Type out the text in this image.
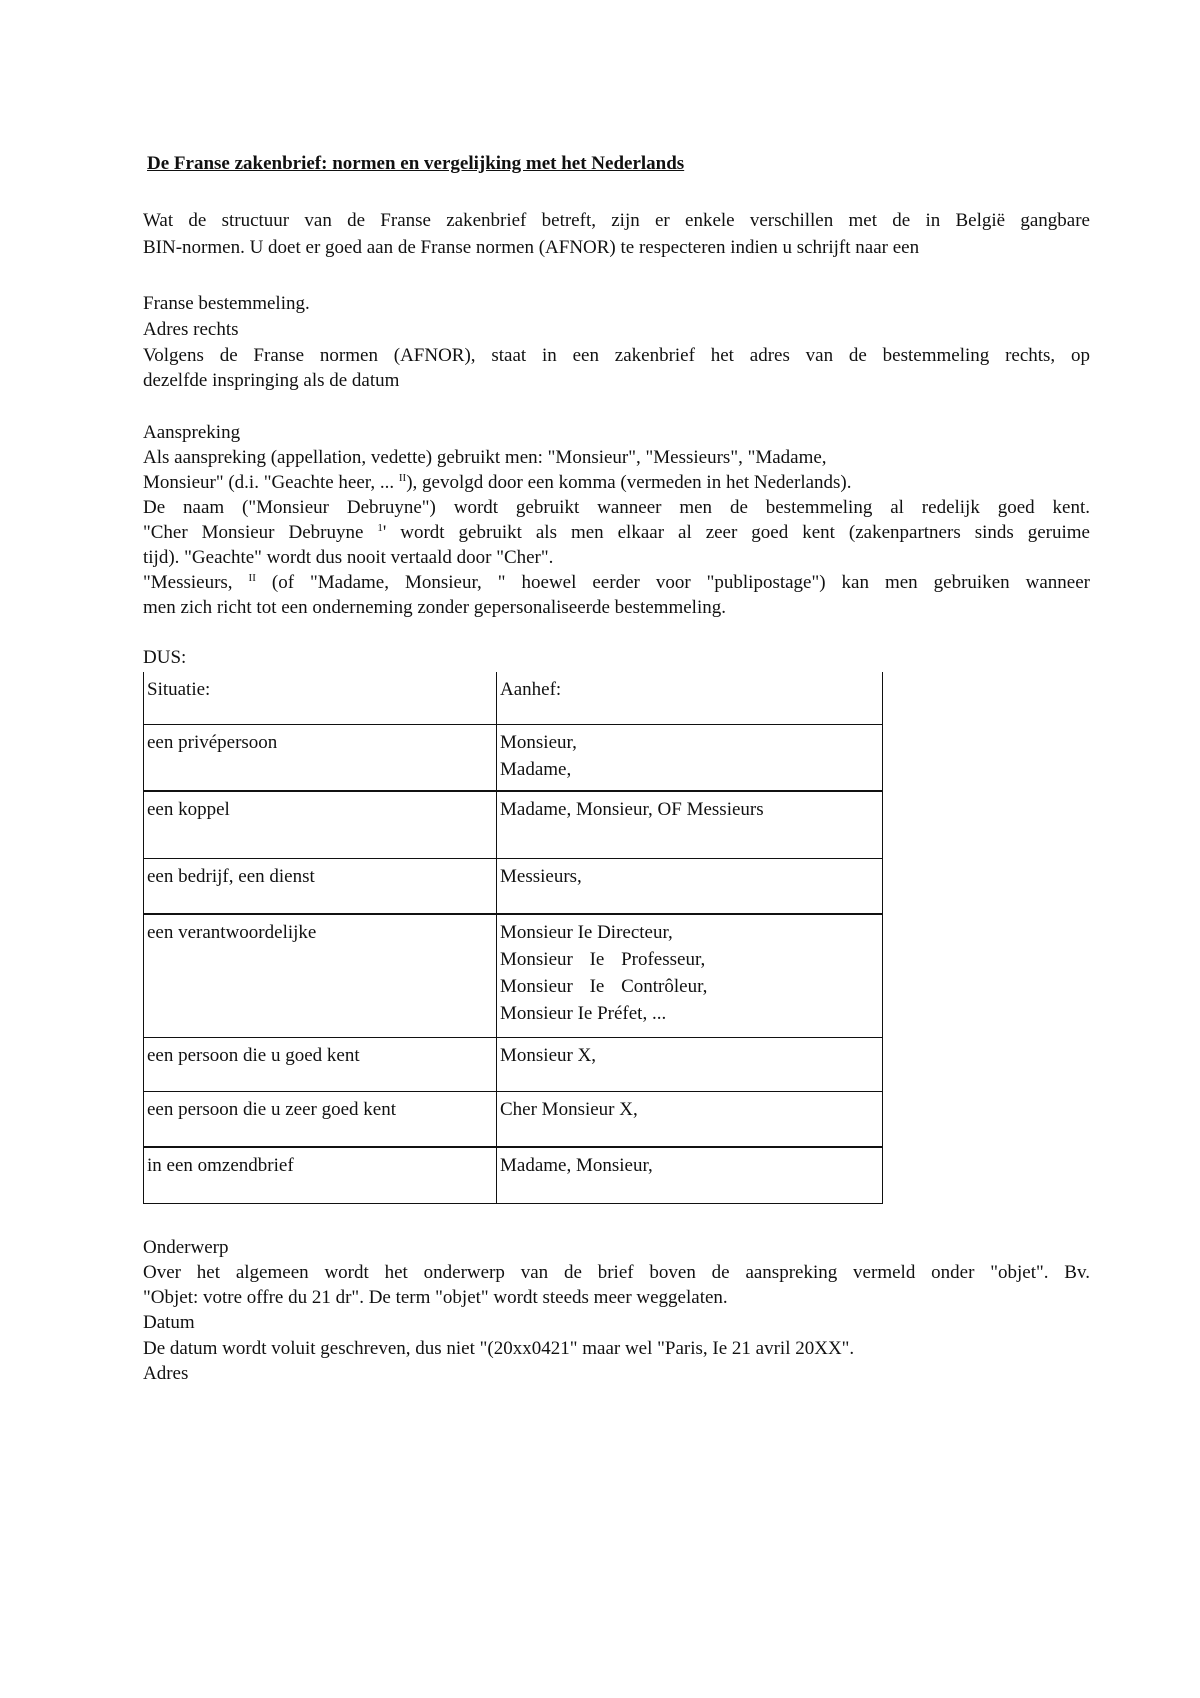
De Franse zakenbrief: normen en vergelijking met het Nederlands
Wat de structuur van de Franse zakenbrief betreft, zijn er enkele verschillen met de in België gangbare
BIN-normen. U doet er goed aan de Franse normen (AFNOR) te respecteren indien u schrijft naar een
Franse bestemmeling.
Adres rechts
Volgens de Franse normen (AFNOR), staat in een zakenbrief het adres van de bestemmeling rechts, op
dezelfde inspringing als de datum
Aanspreking
Als aanspreking (appellation, vedette) gebruikt men: "Monsieur", "Messieurs", "Madame,
Monsieur" (d.i. "Geachte heer, ... $^{II}$), gevolgd door een komma (vermeden in het Nederlands).
De naam ("Monsieur Debruyne") wordt gebruikt wanneer men de bestemmeling al redelijk goed kent.
"Cher Monsieur Debruyne $^1$' wordt gebruikt als men elkaar al zeer goed kent (zakenpartners sinds geruime
tijd). "Geachte" wordt dus nooit vertaald door "Cher".
"Messieurs, $^{II}$ (of "Madame, Monsieur, " hoewel eerder voor "publipostage") kan men gebruiken wanneer
men zich richt tot een onderneming zonder gepersonaliseerde bestemmeling.
DUS:
Situatie:	Aanhef:
een privépersoon	Monsieur,
Madame,

een koppel	Madame, Monsieur, OF Messieurs

een bedrijf, een dienst	Messieurs,

een verantwoordelijke	Monsieur Ie Directeur,
Monsieur Ie Professeur,
Monsieur Ie Contrôleur,
Monsieur Ie Préfet, ...

een persoon die u goed kent	Monsieur X,

een persoon die u zeer goed kent	Cher Monsieur X,

in een omzendbrief	Madame, Monsieur,
Onderwerp
Over het algemeen wordt het onderwerp van de brief boven de aanspreking vermeld onder "objet". Bv.
"Objet: votre offre du 21 dr". De term "objet" wordt steeds meer weggelaten.
Datum
De datum wordt voluit geschreven, dus niet "(20xx0421" maar wel "Paris, Ie 21 avril 20XX".
Adres
